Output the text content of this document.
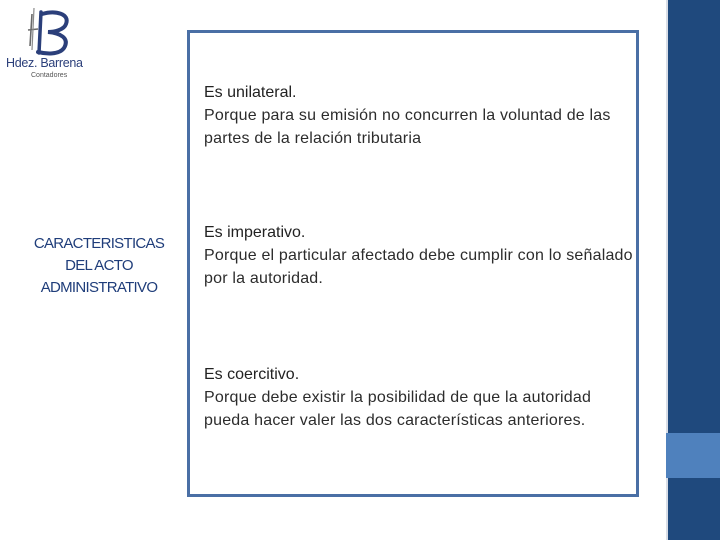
Hdez. Barrena
Contadores
CARACTERISTICAS
DEL ACTO
ADMINISTRATIVO
Es unilateral.
Porque para su emisión no concurren la voluntad de las partes de la relación tributaria
Es imperativo.
Porque el particular afectado debe cumplir con lo señalado por la autoridad.
Es coercitivo.
Porque debe existir la posibilidad de que la autoridad pueda hacer valer las dos características anteriores.
